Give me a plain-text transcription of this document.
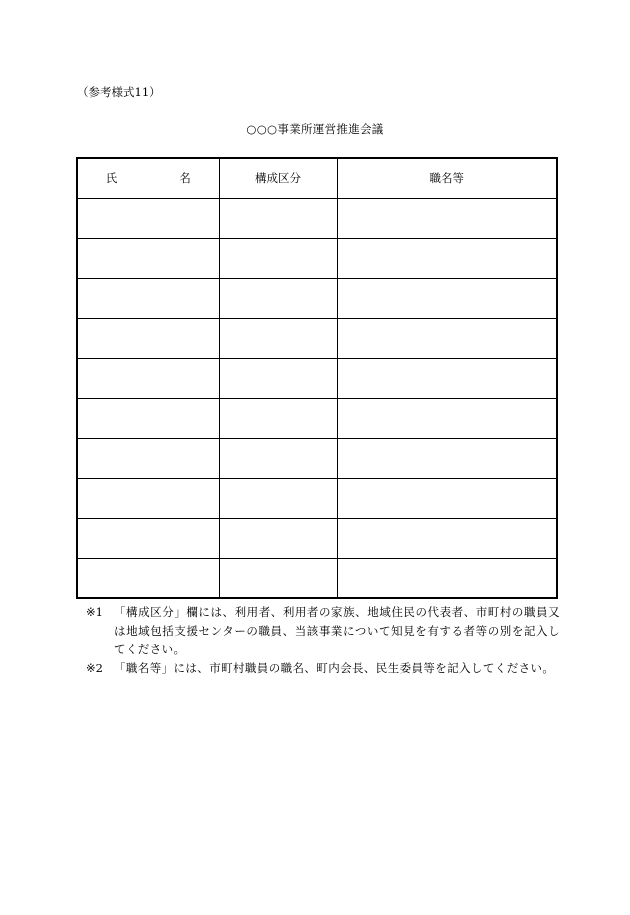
（参考様式11）
○○○事業所運営推進会議
氏　名	構成区分	職名等

※1 「構成区分」欄には、利用者、利用者の家族、地域住民の代表者、市町村の職員又は地域包括支援センターの職員、当該事業について知見を有する者等の別を記入してください。
※2 「職名等」には、市町村職員の職名、町内会長、民生委員等を記入してください。
